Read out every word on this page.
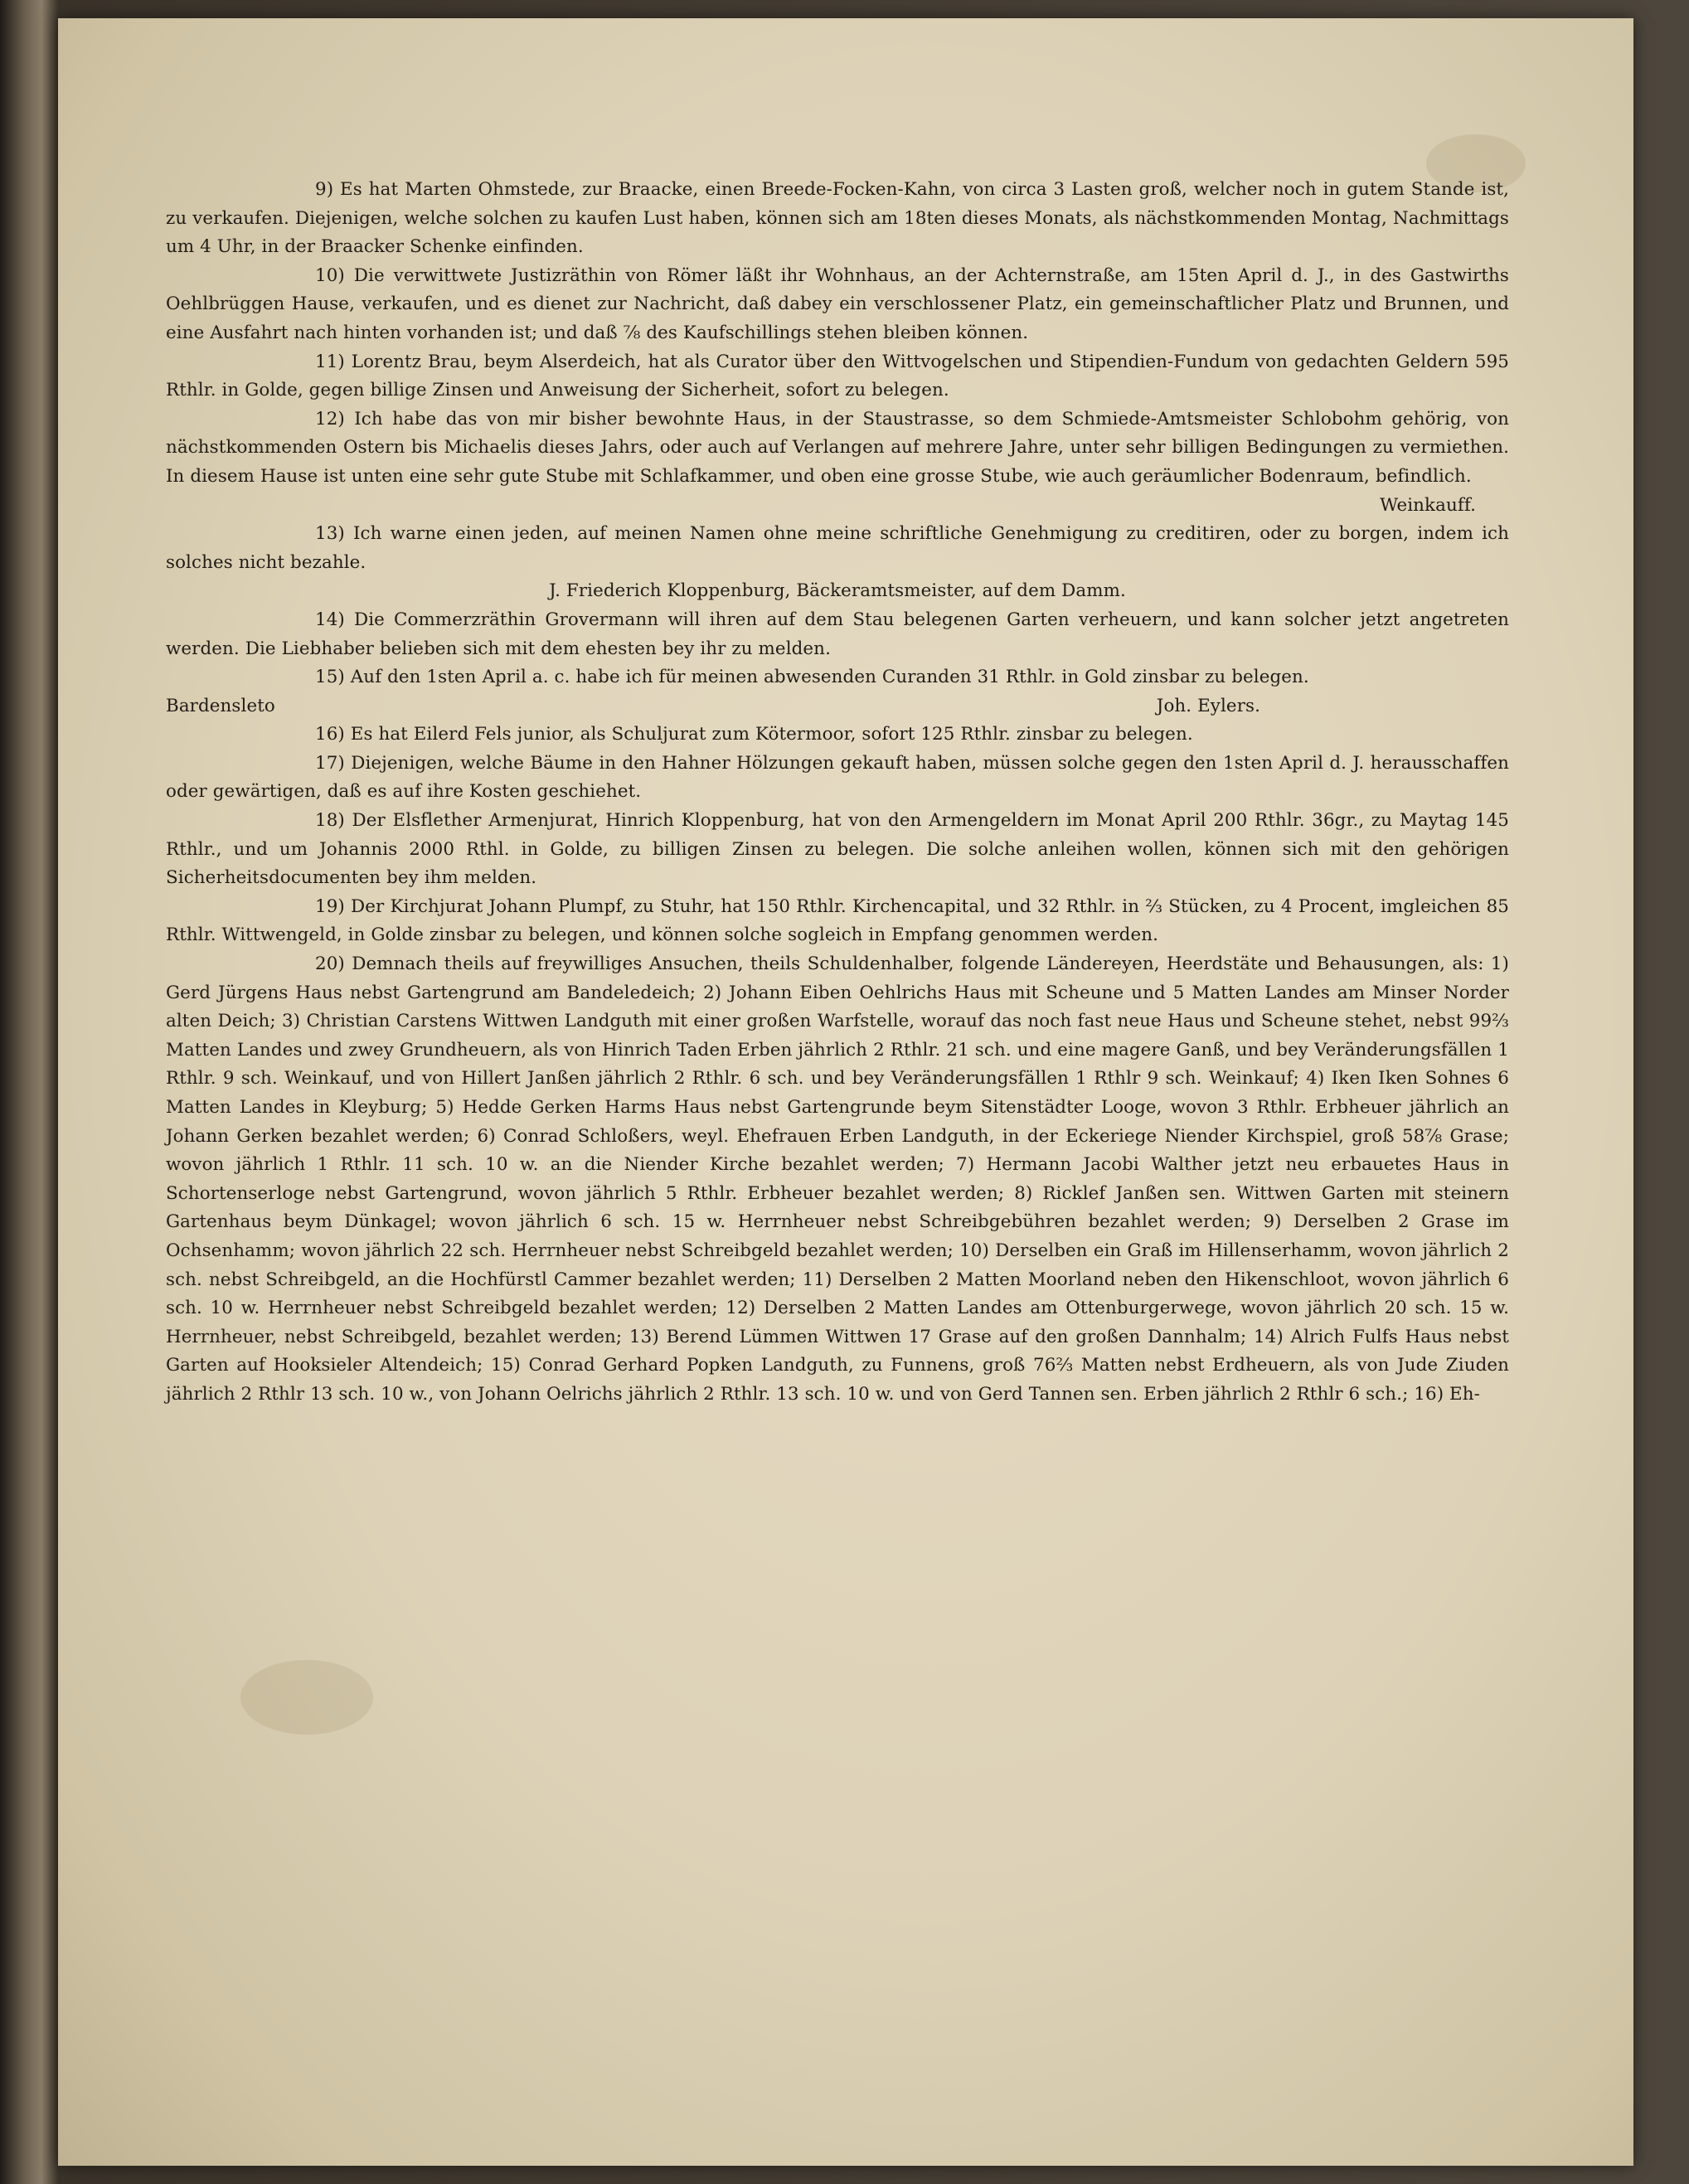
9) Es hat Marten Ohmstede, zur Braacke, einen Breede-Focken-Kahn, von circa 3 Lasten groß, welcher noch in gutem Stande ist, zu verkaufen. Diejenigen, welche solchen zu kaufen Lust haben, können sich am 18ten dieses Monats, als nächstkommenden Montag, Nachmittags um 4 Uhr, in der Braacker Schenke einfinden.

10) Die verwittwete Justizräthin von Römer läßt ihr Wohnhaus, an der Achternstraße, am 15ten April d. J., in des Gastwirths Oehlbrüggen Hause, verkaufen, und es dienet zur Nachricht, daß dabey ein verschlossener Platz, ein gemeinschaftlicher Platz und Brunnen, und eine Ausfahrt nach hinten vorhanden ist; und daß ⅞ des Kaufschillings stehen bleiben können.

11) Lorentz Brau, beym Alserdeich, hat als Curator über den Wittvogelschen und Stipendien-Fundum von gedachten Geldern 595 Rthlr. in Golde, gegen billige Zinsen und Anweisung der Sicherheit, sofort zu belegen.

12) Ich habe das von mir bisher bewohnte Haus, in der Staustrasse, so dem Schmiede-Amtsmeister Schlobohm gehörig, von nächstkommenden Ostern bis Michaelis dieses Jahrs, oder auch auf Verlangen auf mehrere Jahre, unter sehr billigen Bedingungen zu vermiethen. In diesem Hause ist unten eine sehr gute Stube mit Schlafkammer, und oben eine grosse Stube, wie auch geräumlicher Bodenraum, befindlich.

Weinkauff.

13) Ich warne einen jeden, auf meinen Namen ohne meine schriftliche Genehmigung zu creditiren, oder zu borgen, indem ich solches nicht bezahle.

J. Friederich Kloppenburg, Bäckeramtsmeister, auf dem Damm.

14) Die Commerzräthin Grovermann will ihren auf dem Stau belegenen Garten verheuern, und kann solcher jetzt angetreten werden. Die Liebhaber belieben sich mit dem ehesten bey ihr zu melden.

15) Auf den 1sten April a. c. habe ich für meinen abwesenden Curanden 31 Rthlr. in Gold zinsbar zu belegen.

Bardensleto	Joh. Eylers.

16) Es hat Eilerd Fels junior, als Schuljurat zum Kötermoor, sofort 125 Rthlr. zinsbar zu belegen.

17) Diejenigen, welche Bäume in den Hahner Hölzungen gekauft haben, müssen solche gegen den 1sten April d. J. herausschaffen oder gewärtigen, daß es auf ihre Kosten geschiehet.

18) Der Elsflether Armenjurat, Hinrich Kloppenburg, hat von den Armengeldern im Monat April 200 Rthlr. 36gr., zu Maytag 145 Rthlr., und um Johannis 2000 Rthl. in Golde, zu billigen Zinsen zu belegen. Die solche anleihen wollen, können sich mit den gehörigen Sicherheitsdocumenten bey ihm melden.

19) Der Kirchjurat Johann Plumpf, zu Stuhr, hat 150 Rthlr. Kirchencapital, und 32 Rthlr. in ⅔ Stücken, zu 4 Procent, imgleichen 85 Rthlr. Wittwengeld, in Golde zinsbar zu belegen, und können solche sogleich in Empfang genommen werden.

20) Demnach theils auf freywilliges Ansuchen, theils Schuldenhalber, folgende Ländereyen, Heerdstäte und Behausungen, als: 1) Gerd Jürgens Haus nebst Gartengrund am Bandeledeich; 2) Johann Eiben Oehlrichs Haus mit Scheune und 5 Matten Landes am Minser Norder alten Deich; 3) Christian Carstens Wittwen Landguth mit einer großen Warfstelle, worauf das noch fast neue Haus und Scheune stehet, nebst 99⅔ Matten Landes und zwey Grundheuern, als von Hinrich Taden Erben jährlich 2 Rthlr. 21 sch. und eine magere Ganß, und bey Veränderungsfällen 1 Rthlr. 9 sch. Weinkauf, und von Hillert Janßen jährlich 2 Rthlr. 6 sch. und bey Veränderungsfällen 1 Rthlr 9 sch. Weinkauf; 4) Iken Iken Sohnes 6 Matten Landes in Kleyburg; 5) Hedde Gerken Harms Haus nebst Gartengrunde beym Sitenstädter Looge, wovon 3 Rthlr. Erbheuer jährlich an Johann Gerken bezahlet werden; 6) Conrad Schloßers, weyl. Ehefrauen Erben Landguth, in der Eckeriege Niender Kirchspiel, groß 58⅞ Grase; wovon jährlich 1 Rthlr. 11 sch. 10 w. an die Niender Kirche bezahlet werden; 7) Hermann Jacobi Walther jetzt neu erbauetes Haus in Schortenserloge nebst Gartengrund, wovon jährlich 5 Rthlr. Erbheuer bezahlet werden; 8) Ricklef Janßen sen. Wittwen Garten mit steinern Gartenhaus beym Dünkagel; wovon jährlich 6 sch. 15 w. Herrnheuer nebst Schreibgebühren bezahlet werden; 9) Derselben 2 Grase im Ochsenhamm; wovon jährlich 22 sch. Herrnheuer nebst Schreibgeld bezahlet werden; 10) Derselben ein Graß im Hillenserhamm, wovon jährlich 2 sch. nebst Schreibgeld, an die Hochfürstl Cammer bezahlet werden; 11) Derselben 2 Matten Moorland neben den Hikenschloot, wovon jährlich 6 sch. 10 w. Herrnheuer nebst Schreibgeld bezahlet werden; 12) Derselben 2 Matten Landes am Ottenburgerwege, wovon jährlich 20 sch. 15 w. Herrnheuer, nebst Schreibgeld, bezahlet werden; 13) Berend Lümmen Wittwen 17 Grase auf den großen Dannhalm; 14) Alrich Fulfs Haus nebst Garten auf Hooksieler Altendeich; 15) Conrad Gerhard Popken Landguth, zu Funnens, groß 76⅔ Matten nebst Erdheuern, als von Jude Ziuden jährlich 2 Rthlr 13 sch. 10 w., von Johann Oelrichs jährlich 2 Rthlr. 13 sch. 10 w. und von Gerd Tannen sen. Erben jährlich 2 Rthlr 6 sch.; 16) Eh-
